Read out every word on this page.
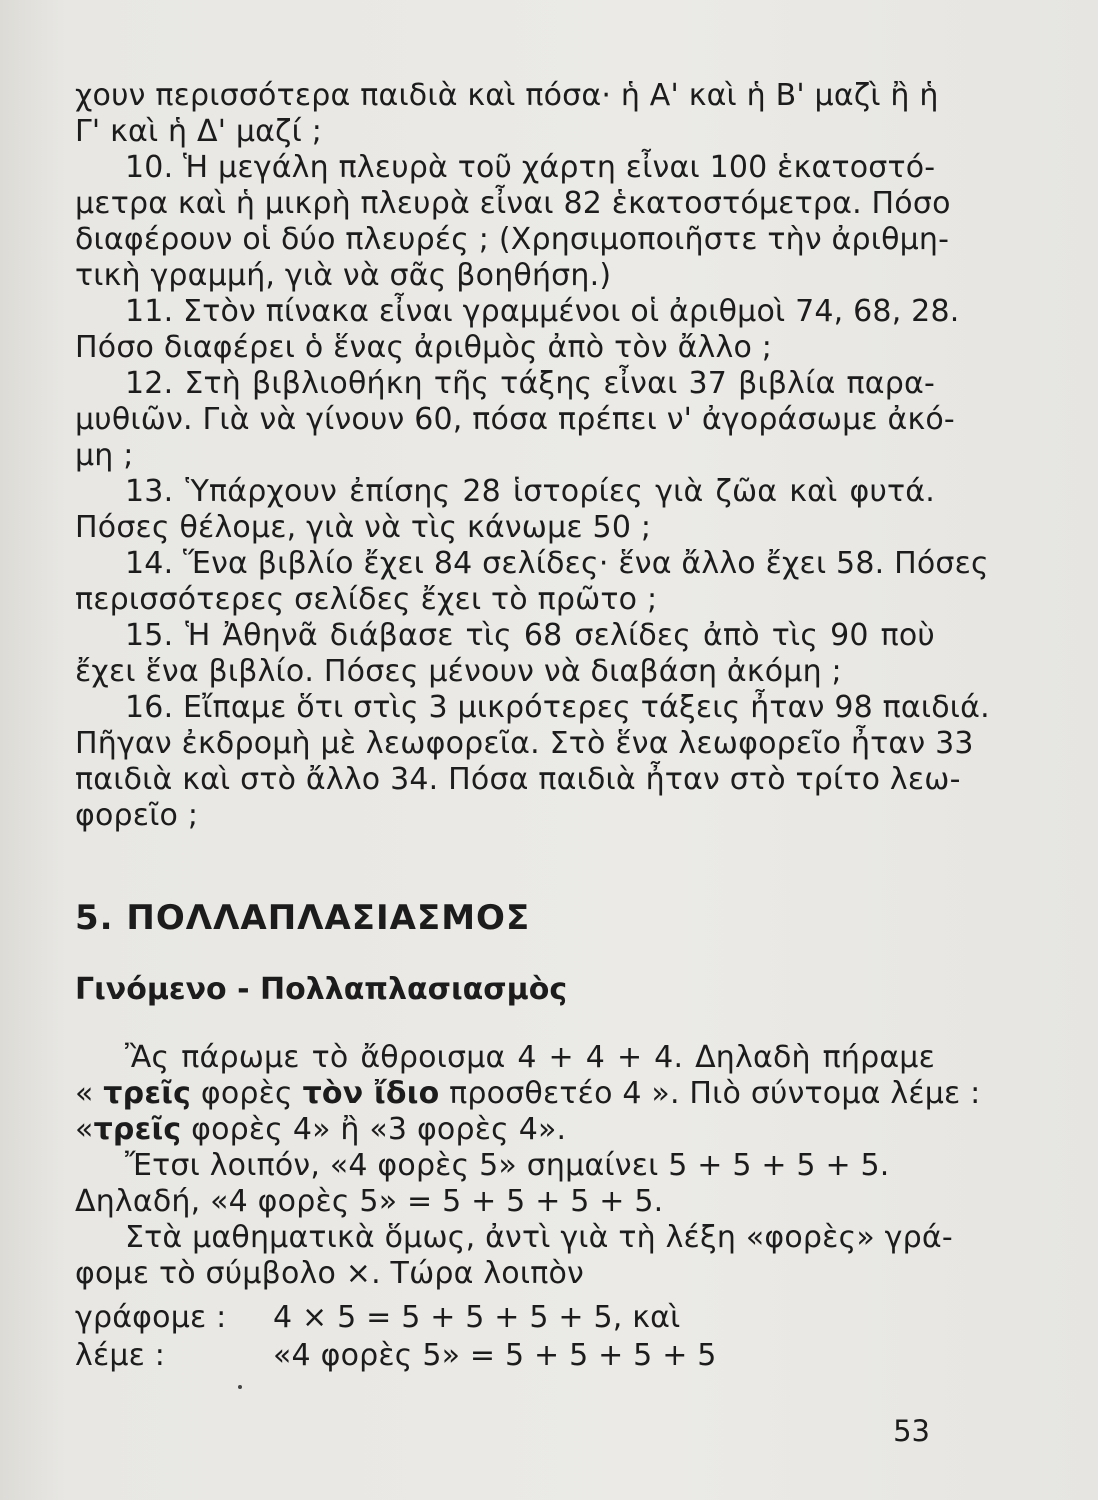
χουν περισσότερα παιδιὰ καὶ πόσα· ἡ Α' καὶ ἡ Β' μαζὶ ἢ ἡ
Γ' καὶ ἡ Δ' μαζί ;
10. Ἡ μεγάλη πλευρὰ τοῦ χάρτη εἶναι 100 ἑκατοστό-
μετρα καὶ ἡ μικρὴ πλευρὰ εἶναι 82 ἑκατοστόμετρα. Πόσο
διαφέρουν οἱ δύο πλευρές ; (Χρησιμοποιῆστε τὴν ἀριθμη-
τικὴ γραμμή, γιὰ νὰ σᾶς βοηθήση.)
11. Στὸν πίνακα εἶναι γραμμένοι οἱ ἀριθμοὶ 74, 68, 28.
Πόσο διαφέρει ὁ ἕνας ἀριθμὸς ἀπὸ τὸν ἄλλο ;
12. Στὴ βιβλιοθήκη τῆς τάξης εἶναι 37 βιβλία παρα-
μυθιῶν. Γιὰ νὰ γίνουν 60, πόσα πρέπει ν' ἀγοράσωμε ἀκό-
μη ;
13. Ὑπάρχουν ἐπίσης 28 ἱστορίες γιὰ ζῶα καὶ φυτά.
Πόσες θέλομε, γιὰ νὰ τὶς κάνωμε 50 ;
14. Ἕνα βιβλίο ἔχει 84 σελίδες· ἕνα ἄλλο ἔχει 58. Πόσες
περισσότερες σελίδες ἔχει τὸ πρῶτο ;
15. Ἡ Ἀθηνᾶ διάβασε τὶς 68 σελίδες ἀπὸ τὶς 90 ποὺ
ἔχει ἕνα βιβλίο. Πόσες μένουν νὰ διαβάση ἀκόμη ;
16. Εἴπαμε ὅτι στὶς 3 μικρότερες τάξεις ἦταν 98 παιδιά.
Πῆγαν ἐκδρομὴ μὲ λεωφορεῖα. Στὸ ἕνα λεωφορεῖο ἦταν 33
παιδιὰ καὶ στὸ ἄλλο 34. Πόσα παιδιὰ ἦταν στὸ τρίτο λεω-
φορεῖο ;
5. ΠΟΛΛΑΠΛΑΣΙΑΣΜΟΣ
Γινόμενο - Πολλαπλασιασμὸς
Ἂς πάρωμε τὸ ἄθροισμα 4 + 4 + 4. Δηλαδὴ πήραμε
« τρεῖς φορὲς τὸν ἴδιο προσθετέο 4 ». Πιὸ σύντομα λέμε :
«τρεῖς φορὲς 4» ἢ «3 φορὲς 4».
Ἔτσι λοιπόν, «4 φορὲς 5» σημαίνει 5 + 5 + 5 + 5.
Δηλαδή, «4 φορὲς 5» = 5 + 5 + 5 + 5.
Στὰ μαθηματικὰ ὅμως, ἀντὶ γιὰ τὴ λέξη «φορὲς» γρά-
φομε τὸ σύμβολο ×. Τώρα λοιπὸν
γράφομε : 4 × 5 = 5 + 5 + 5 + 5, καὶ
λέμε :	«4 φορὲς 5» = 5 + 5 + 5 + 5
53
